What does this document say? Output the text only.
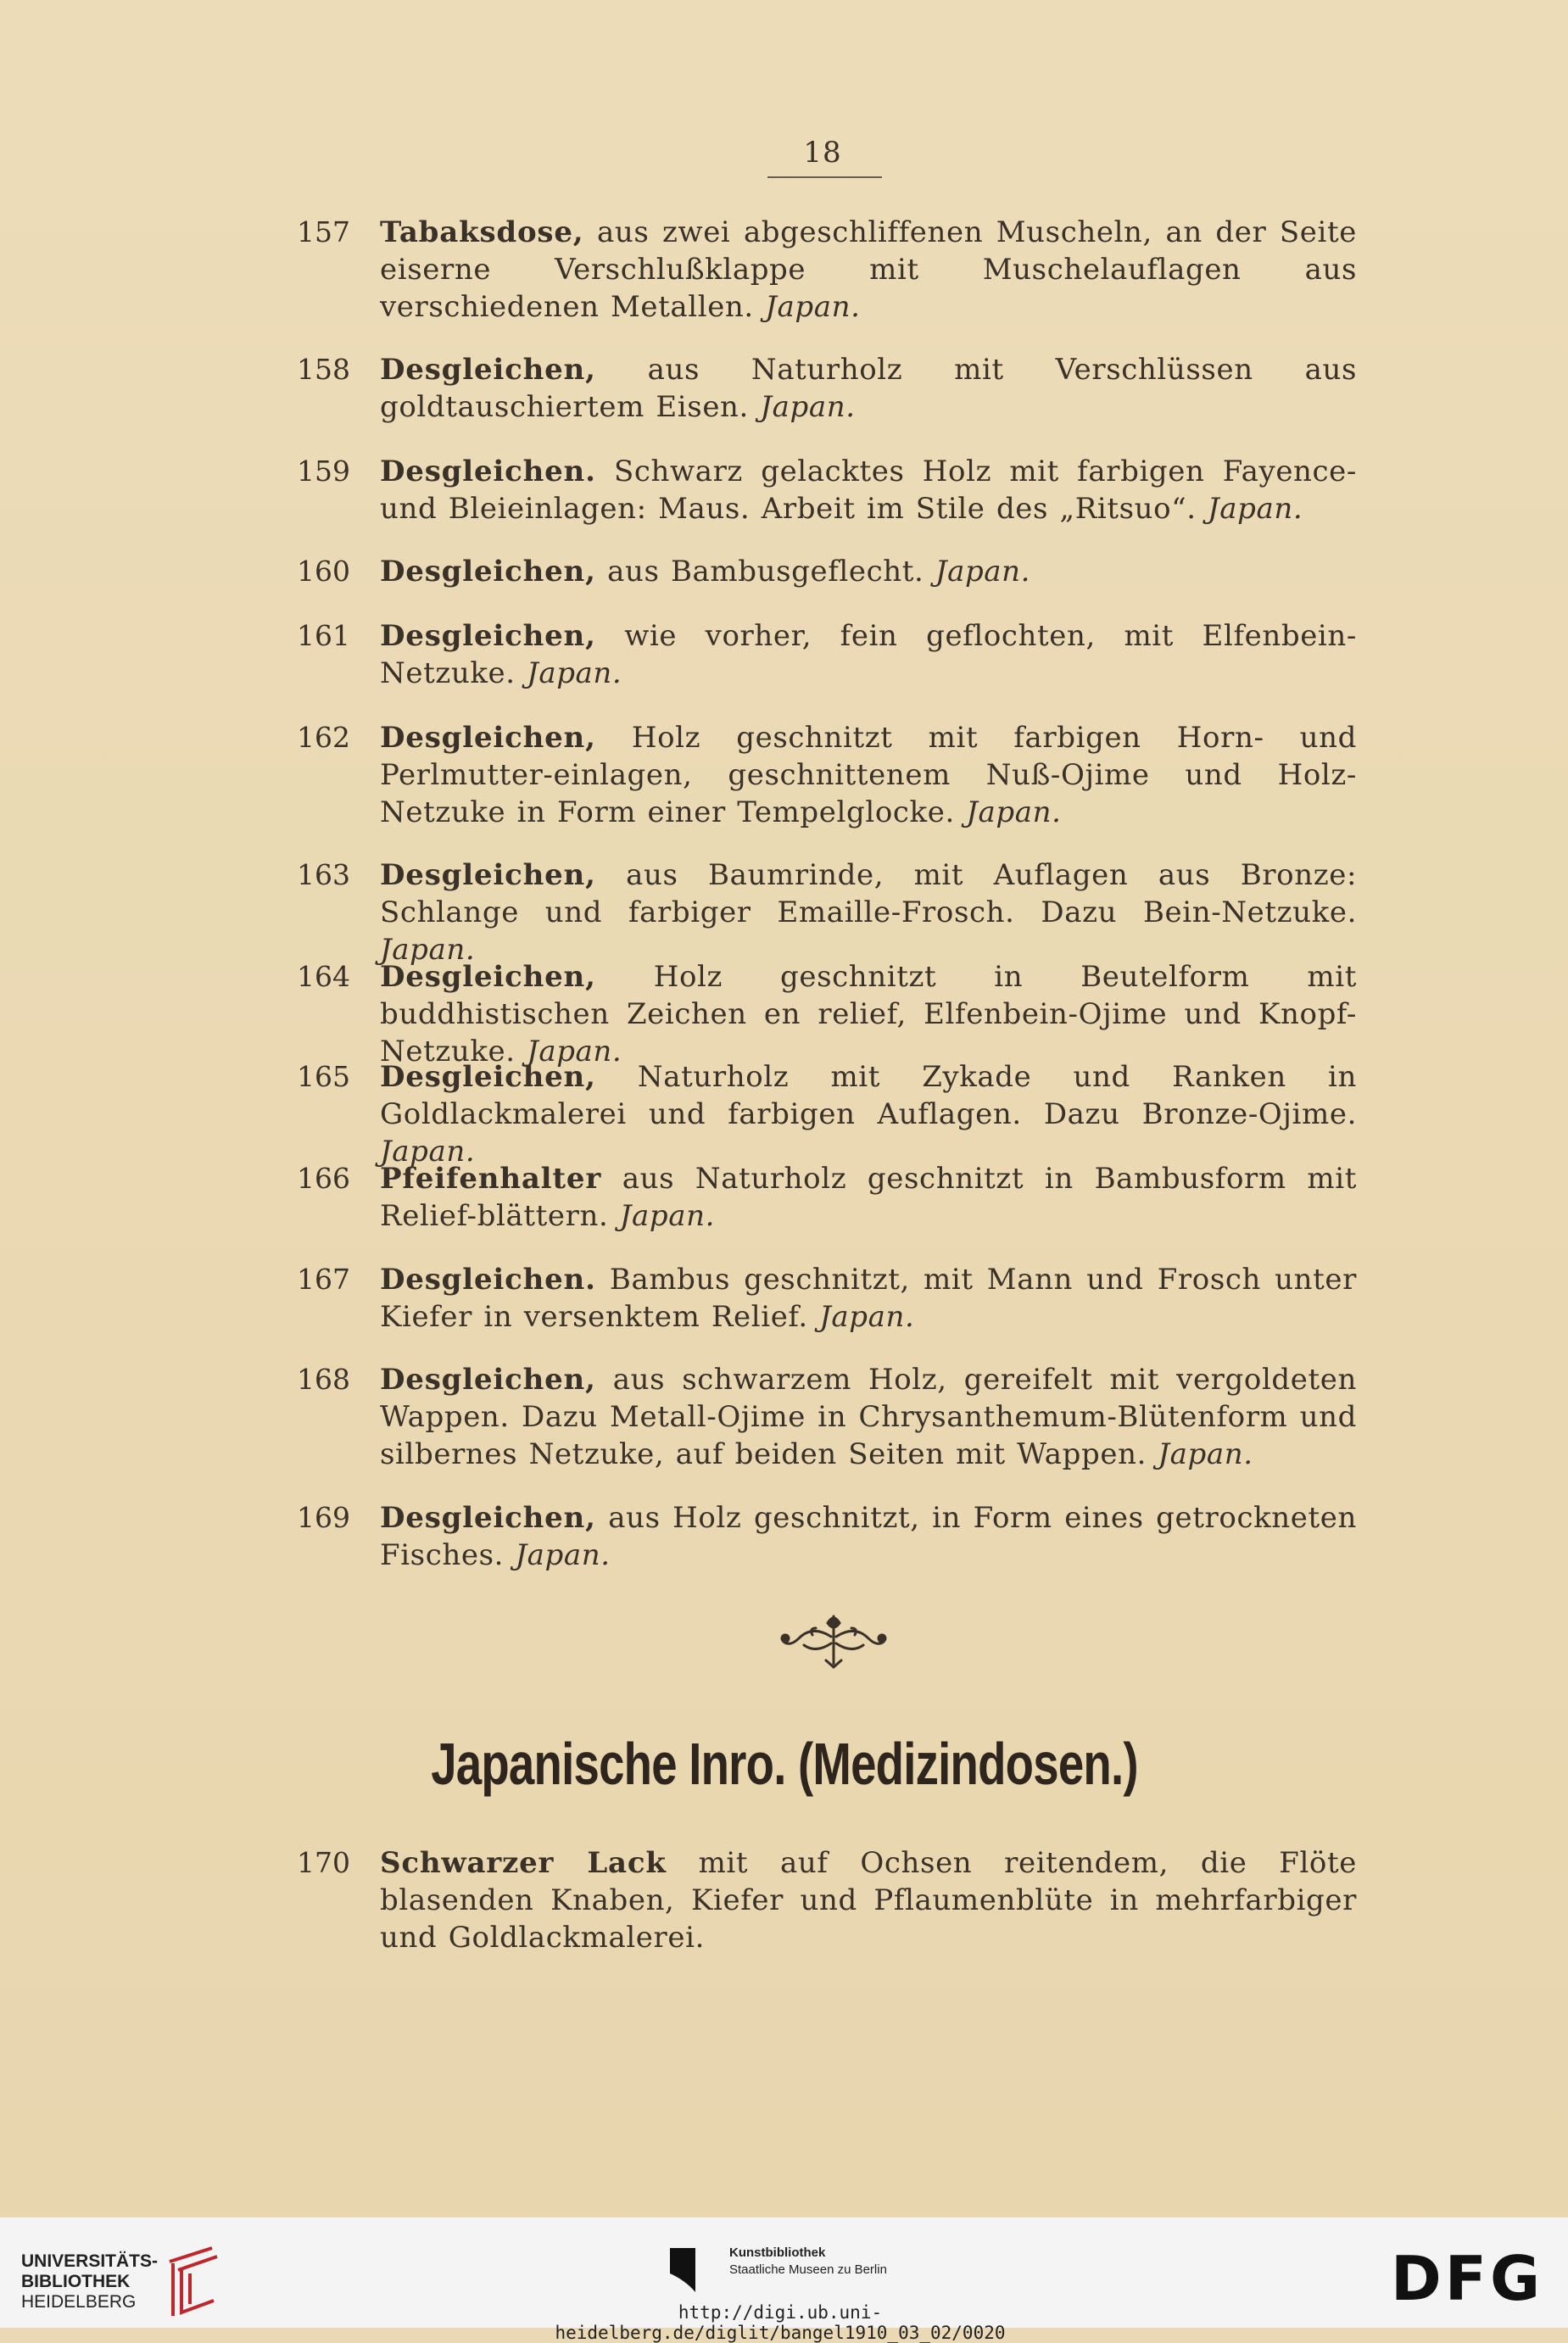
18
157	Tabaksdose, aus zwei abgeschliffenen Muscheln, an der Seite eiserne Verschlußklappe mit Muschelauflagen aus verschiedenen Metallen. Japan.
158	Desgleichen, aus Naturholz mit Verschlüssen aus goldtauschiertem Eisen. Japan.
159	Desgleichen. Schwarz gelacktes Holz mit farbigen Fayence- und Bleieinlagen: Maus. Arbeit im Stile des „Ritsuo“. Japan.
160	Desgleichen, aus Bambusgeflecht. Japan.
161	Desgleichen, wie vorher, fein geflochten, mit Elfenbein-Netzuke. Japan.
162	Desgleichen, Holz geschnitzt mit farbigen Horn- und Perlmutter-einlagen, geschnittenem Nuß-Ojime und Holz-Netzuke in Form einer Tempelglocke. Japan.
163	Desgleichen, aus Baumrinde, mit Auflagen aus Bronze: Schlange und farbiger Emaille-Frosch. Dazu Bein-Netzuke. Japan.
164	Desgleichen, Holz geschnitzt in Beutelform mit buddhistischen Zeichen en relief, Elfenbein-Ojime und Knopf-Netzuke. Japan.
165	Desgleichen, Naturholz mit Zykade und Ranken in Goldlackmalerei und farbigen Auflagen. Dazu Bronze-Ojime. Japan.
166	Pfeifenhalter aus Naturholz geschnitzt in Bambusform mit Relief-blättern. Japan.
167	Desgleichen. Bambus geschnitzt, mit Mann und Frosch unter Kiefer in versenktem Relief. Japan.
168	Desgleichen, aus schwarzem Holz, gereifelt mit vergoldeten Wappen. Dazu Metall-Ojime in Chrysanthemum-Blütenform und silbernes Netzuke, auf beiden Seiten mit Wappen. Japan.
169	Desgleichen, aus Holz geschnitzt, in Form eines getrockneten Fisches. Japan.
Japanische Inro. (Medizindosen.)
170	Schwarzer Lack mit auf Ochsen reitendem, die Flöte blasenden Knaben, Kiefer und Pflaumenblüte in mehrfarbiger und Goldlackmalerei.
UNIVERSITÄTS-
BIBLIOTHEK
HEIDELBERG
Kunstbibliothek
Staatliche Museen zu Berlin	DFG
http://digi.ub.uni-heidelberg.de/diglit/bangel1910_03_02/0020
